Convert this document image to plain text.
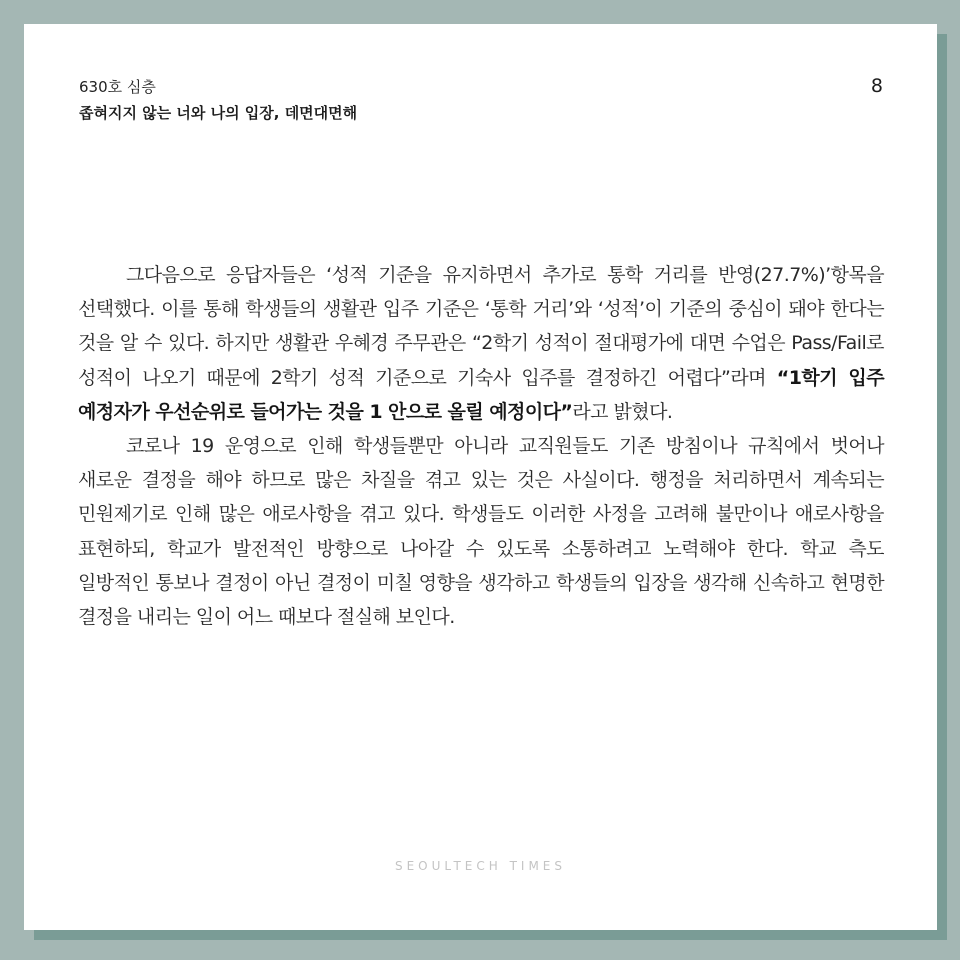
630호 심층
좁혀지지 않는 너와 나의 입장, 데면대면해
8

그다음으로 응답자들은 ‘성적 기준을 유지하면서 추가로 통학 거리를 반영(27.7%)’항목을 선택했다. 이를 통해 학생들의 생활관 입주 기준은 ‘통학 거리’와 ‘성적’이 기준의 중심이 돼야 한다는 것을 알 수 있다. 하지만 생활관 우혜경 주무관은 “2학기 성적이 절대평가에 대면 수업은 Pass/Fail로 성적이 나오기 때문에 2학기 성적 기준으로 기숙사 입주를 결정하긴 어렵다”라며 “1학기 입주 예정자가 우선순위로 들어가는 것을 1 안으로 올릴 예정이다”라고 밝혔다.

코로나 19 운영으로 인해 학생들뿐만 아니라 교직원들도 기존 방침이나 규칙에서 벗어나 새로운 결정을 해야 하므로 많은 차질을 겪고 있는 것은 사실이다. 행정을 처리하면서 계속되는 민원제기로 인해 많은 애로사항을 겪고 있다. 학생들도 이러한 사정을 고려해 불만이나 애로사항을 표현하되, 학교가 발전적인 방향으로 나아갈 수 있도록 소통하려고 노력해야 한다. 학교 측도 일방적인 통보나 결정이 아닌 결정이 미칠 영향을 생각하고 학생들의 입장을 생각해 신속하고 현명한 결정을 내리는 일이 어느 때보다 절실해 보인다.

SEOULTECH TIMES
